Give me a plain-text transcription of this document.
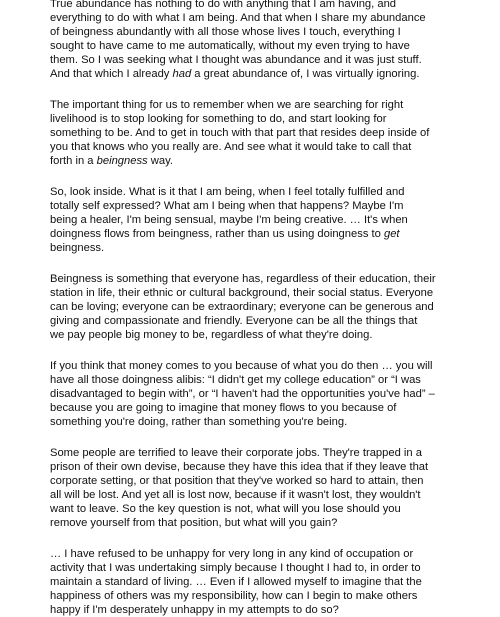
True abundance has nothing to do with anything that I am having, and
everything to do with what I am being. And that when I share my abundance
of beingness abundantly with all those whose lives I touch, everything I
sought to have came to me automatically, without my even trying to have
them. So I was seeking what I thought was abundance and it was just stuff.
And that which I already had a great abundance of, I was virtually ignoring.

The important thing for us to remember when we are searching for right
livelihood is to stop looking for something to do, and start looking for
something to be. And to get in touch with that part that resides deep inside of
you that knows who you really are. And see what it would take to call that
forth in a beingness way.

So, look inside. What is it that I am being, when I feel totally fulfilled and
totally self expressed? What am I being when that happens? Maybe I'm
being a healer, I'm being sensual, maybe I'm being creative. … It's when
doingness flows from beingness, rather than us using doingness to get
beingness.

Beingness is something that everyone has, regardless of their education, their
station in life, their ethnic or cultural background, their social status. Everyone
can be loving; everyone can be extraordinary; everyone can be generous and
giving and compassionate and friendly. Everyone can be all the things that
we pay people big money to be, regardless of what they're doing.

If you think that money comes to you because of what you do then … you will
have all those doingness alibis: “I didn't get my college education” or “I was
disadvantaged to begin with”, or “I haven't had the opportunities you've had” –
because you are going to imagine that money flows to you because of
something you're doing, rather than something you're being.

Some people are terrified to leave their corporate jobs. They're trapped in a
prison of their own devise, because they have this idea that if they leave that
corporate setting, or that position that they've worked so hard to attain, then
all will be lost. And yet all is lost now, because if it wasn't lost, they wouldn't
want to leave. So the key question is not, what will you lose should you
remove yourself from that position, but what will you gain?

… I have refused to be unhappy for very long in any kind of occupation or
activity that I was undertaking simply because I thought I had to, in order to
maintain a standard of living. … Even if I allowed myself to imagine that the
happiness of others was my responsibility, how can I begin to make others
happy if I'm desperately unhappy in my attempts to do so?
